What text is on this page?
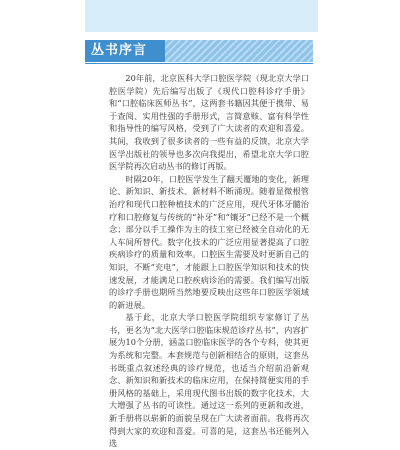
丛书序言

20年前，北京医科大学口腔医学院（现北京大学口腔医学院）先后编写出版了《现代口腔科诊疗手册》和“口腔临床医师丛书”，这两套书籍因其便于携带、易于查阅、实用性强的手册形式，言简意赅、富有科学性和指导性的编写风格，受到了广大读者的欢迎和喜爱。其间，我收到了很多读者的一些有益的反馈，北京大学医学出版社的领导也多次向我提出，希望北京大学口腔医学院再次启动丛书的修订再版。

时隔20年，口腔医学发生了翻天覆地的变化，新理论、新知识、新技术、新材料不断涌现。随着显微根管治疗和现代口腔种植技术的广泛应用，现代牙体牙髓治疗和口腔修复与传统的“补牙”和“镶牙”已经不是一个概念；部分以手工操作为主的技工室已经被全自动化的无人车间所替代。数字化技术的广泛应用显著提高了口腔疾病诊疗的质量和效率。口腔医生需要及时更新自己的知识，不断“充电”，才能跟上口腔医学知识和技术的快速发展，才能满足口腔疾病诊治的需要。我们编写出版的诊疗手册也期所当然地要反映出这些年口腔医学领域的新进展。

基于此，北京大学口腔医学院组织专家修订了丛书，更名为“北大医学口腔临床规范诊疗丛书”，内容扩展为10个分册，涵盖口腔临床医学的各个专科，使其更为系统和完整。本套规范与创新相结合的原则，这套丛书既重点叙述经典的诊疗规范，也适当介绍前沿新观念、新知识和新技术的临床应用，在保持简便实用的手册风格的基础上，采用现代图书出版的数字化技术，大大增强了丛书的可读性。通过这一系列的更新和改进，新手册将以崭新的面貌呈现在广大读者面前。我将再次得到大家的欢迎和喜爱。可喜的是，这套丛书还能列入选
